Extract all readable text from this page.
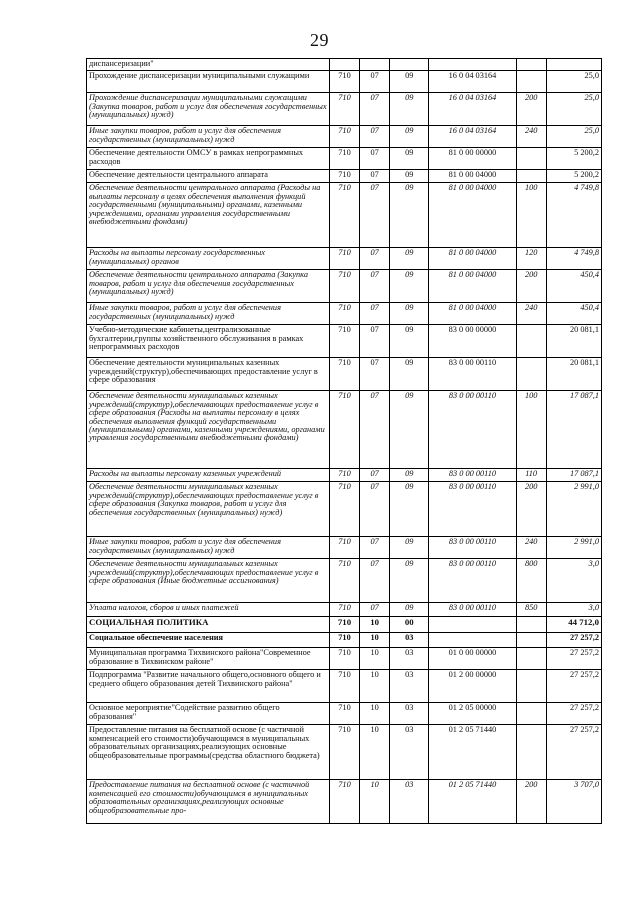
29
диспансеризации"						
Прохождение диспансеризации муниципальными служащими	710	07	09	16 0 04 03164		25,0
Прохождение диспансеризации муниципальными служащими (Закупка товаров, работ и услуг для обеспечения государственных (муниципальных) нужд)	710	07	09	16 0 04 03164	200	25,0
Иные закупки товаров, работ и услуг для обеспечения государственных (муниципальных) нужд	710	07	09	16 0 04 03164	240	25,0
Обеспечение деятельности ОМСУ в рамках непрограммных расходов	710	07	09	81 0 00 00000		5 200,2
Обеспечение деятельности центрального аппарата	710	07	09	81 0 00 04000		5 200,2
Обеспечение деятельности центрального аппарата (Расходы на выплаты персоналу в целях обеспечения выполнения функций государственными (муниципальными) органами, казенными учреждениями, органами управления государственными внебюджетными фондами)	710	07	09	81 0 00 04000	100	4 749,8
Расходы на выплаты персоналу государственных (муниципальных) органов	710	07	09	81 0 00 04000	120	4 749,8
Обеспечение деятельности центрального аппарата (Закупка товаров, работ и услуг для обеспечения государственных (муниципальных) нужд)	710	07	09	81 0 00 04000	200	450,4
Иные закупки товаров, работ и услуг для обеспечения государственных (муниципальных) нужд	710	07	09	81 0 00 04000	240	450,4
Учебно-методические кабинеты,централизованные бухгалтерии,группы хозяйственного обслуживания в рамках непрограммных расходов	710	07	09	83 0 00 00000		20 081,1
Обеспечение деятельности муниципальных казенных учреждений(структур),обеспечивающих предоставление услуг в сфере образования	710	07	09	83 0 00 00110		20 081,1
Обеспечение деятельности муниципальных казенных учреждений(структур),обеспечивающих предоставление услуг в сфере образования (Расходы на выплаты персоналу в целях обеспечения выполнения функций государственными (муниципальными) органами, казенными учреждениями, органами управления государственными внебюджетными фондами)	710	07	09	83 0 00 00110	100	17 087,1
Расходы на выплаты персоналу казенных учреждений	710	07	09	83 0 00 00110	110	17 087,1
Обеспечение деятельности муниципальных казенных учреждений(структур),обеспечивающих предоставление услуг в сфере образования (Закупка товаров, работ и услуг для обеспечения государственных (муниципальных) нужд)	710	07	09	83 0 00 00110	200	2 991,0
Иные закупки товаров, работ и услуг для обеспечения государственных (муниципальных) нужд	710	07	09	83 0 00 00110	240	2 991,0
Обеспечение деятельности муниципальных казенных учреждений(структур),обеспечивающих предоставление услуг в сфере образования (Иные бюджетные ассигнования)	710	07	09	83 0 00 00110	800	3,0
Уплата налогов, сборов и иных платежей	710	07	09	83 0 00 00110	850	3,0
СОЦИАЛЬНАЯ ПОЛИТИКА	710	10	00			44 712,0
Социальное обеспечение населения	710	10	03			27 257,2
Муниципальная программа Тихвинского района"Современное образование в Тихвинском районе"	710	10	03	01 0 00 00000		27 257,2
Подпрограмма "Развитие начального общего,основного общего и среднего общего образования детей Тихвинского района"	710	10	03	01 2 00 00000		27 257,2
Основное мероприятие"Содействие развитию общего образования"	710	10	03	01 2 05 00000		27 257,2
Предоставление питания на бесплатной основе (с частичной компенсацией его стоимости)обучающимся в муниципальных образовательных организациях,реализующих основные общеобразовательные программы(средства областного бюджета)	710	10	03	01 2 05 71440		27 257,2
Предоставление питания на бесплатной основе (с частичной компенсацией его стоимости)обучающимся в муниципальных образовательных организациях,реализующих основные общеобразовательные про-	710	10	03	01 2 05 71440	200	3 707,0
